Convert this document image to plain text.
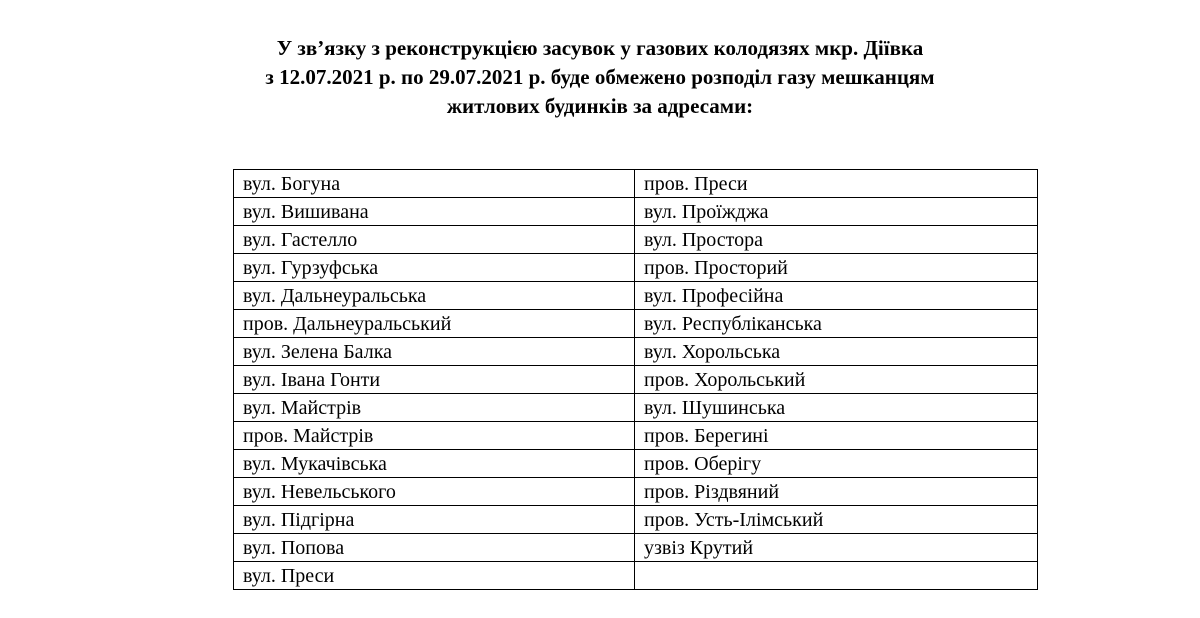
У зв’язку з реконструкцією засувок у газових колодязях мкр. Діївка
з 12.07.2021 р. по 29.07.2021 р. буде обмежено розподіл газу мешканцям
житлових будинків за адресами:
вул. Богуна	пров. Преси
вул. Вишивана	вул. Проїжджа
вул. Гастелло	вул. Простора
вул. Гурзуфська	пров. Просторий
вул. Дальнеуральська	вул. Професійна
пров. Дальнеуральський	вул. Республіканська
вул. Зелена Балка	вул. Хорольська
вул. Івана Гонти	пров. Хорольський
вул. Майстрів	вул. Шушинська
пров. Майстрів	пров. Берегині
вул. Мукачівська	пров. Оберігу
вул. Невельського	пров. Різдвяний
вул. Підгірна	пров. Усть-Ілімський
вул. Попова	узвіз Крутий
вул. Преси	
